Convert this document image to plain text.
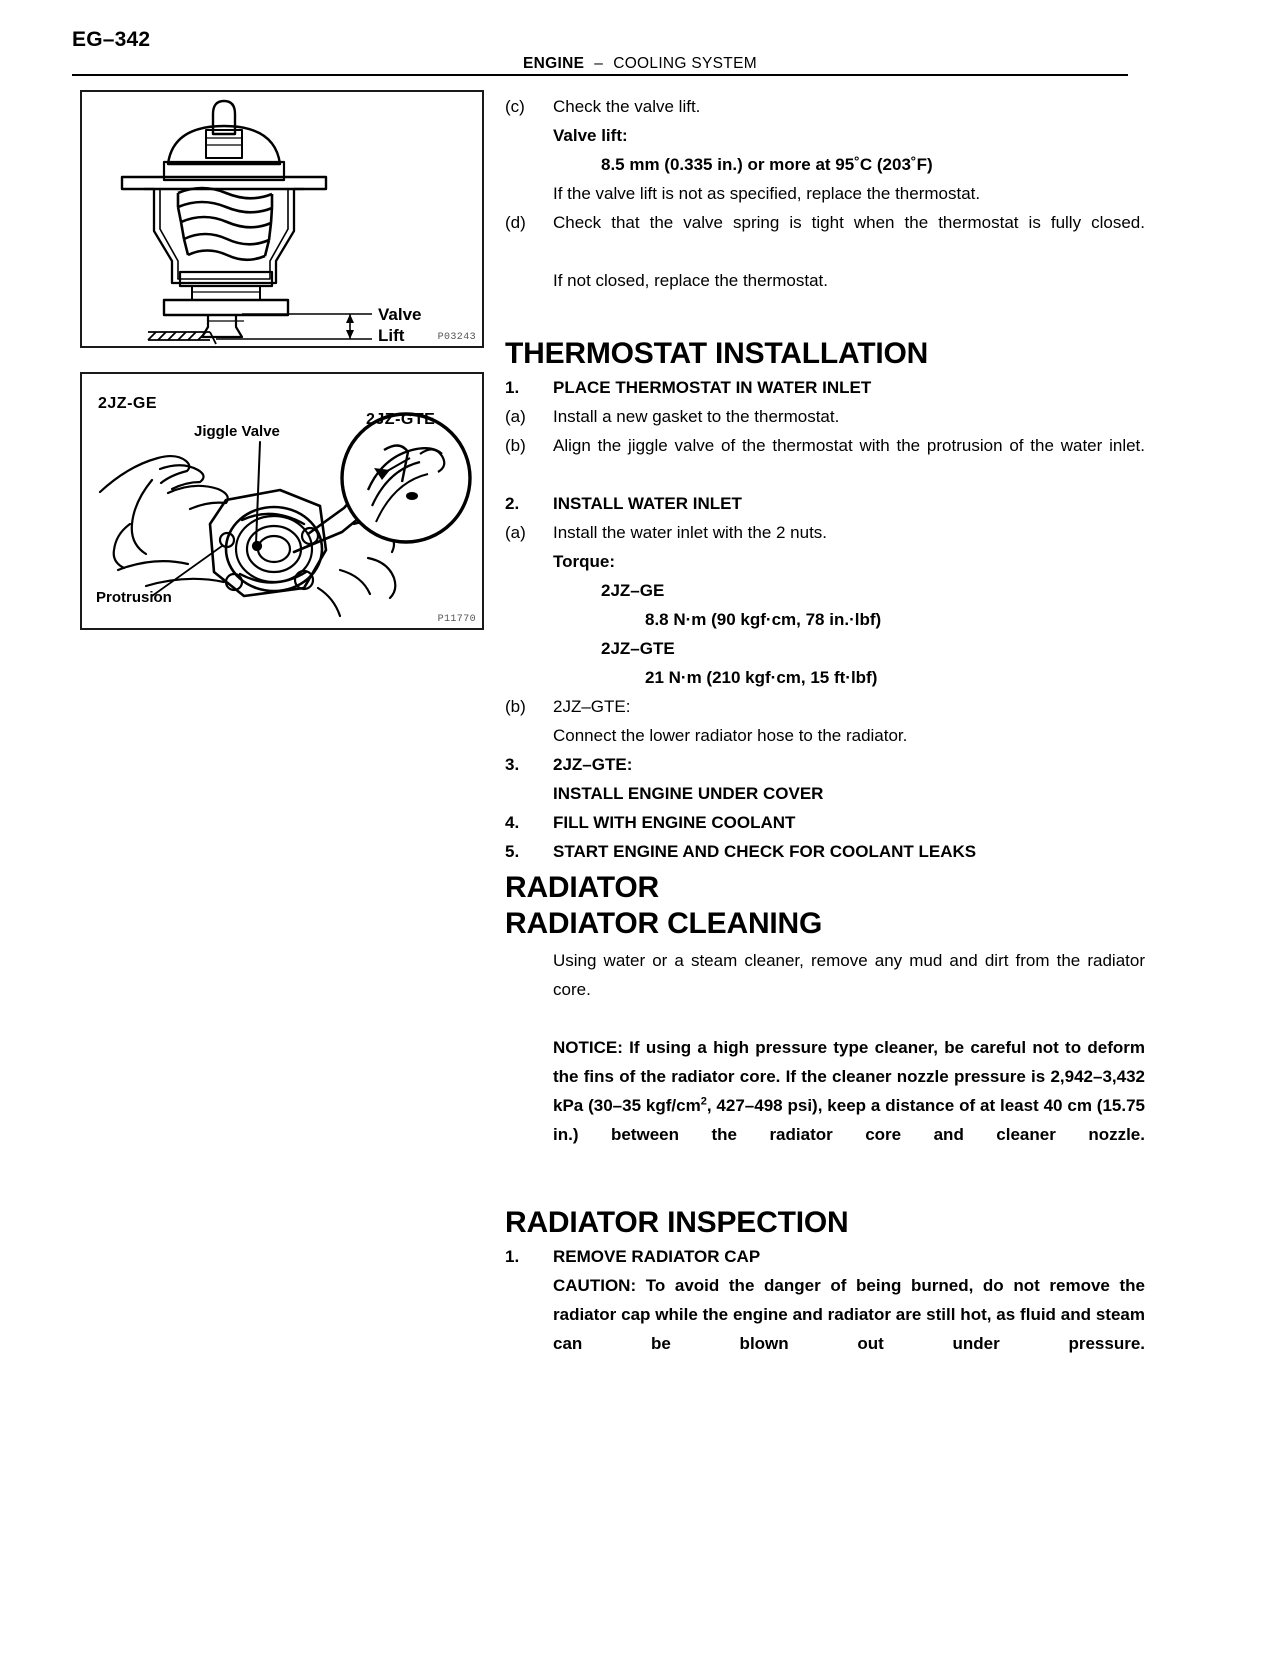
EG–342
ENGINE – COOLING SYSTEM
Valve
Lift	P03243
2JZ-GE
Jiggle Valve
2JZ-GTE
Protrusion
P11770
(c)	Check the valve lift.
Valve lift:
8.5 mm (0.335 in.) or more at 95˚C (203˚F)
If the valve lift is not as specified, replace the thermostat.
(d)	Check that the valve spring is tight when the thermostat is fully closed.
If not closed, replace the thermostat.
THERMOSTAT INSTALLATION
1.	PLACE THERMOSTAT IN WATER INLET
(a)	Install a new gasket to the thermostat.
(b)	Align the jiggle valve of the thermostat with the protrusion of the water inlet.
2.	INSTALL WATER INLET
(a)	Install the water inlet with the 2 nuts.
Torque:
2JZ–GE
8.8 N·m (90 kgf·cm, 78 in.·lbf)
2JZ–GTE
21 N·m (210 kgf·cm, 15 ft·lbf)
(b)	2JZ–GTE:
Connect the lower radiator hose to the radiator.
3.	2JZ–GTE:
INSTALL ENGINE UNDER COVER
4.	FILL WITH ENGINE COOLANT
5.	START ENGINE AND CHECK FOR COOLANT LEAKS
RADIATOR
RADIATOR CLEANING
Using water or a steam cleaner, remove any mud and dirt from the radiator core.
NOTICE: If using a high pressure type cleaner, be careful not to deform the fins of the radiator core. If the cleaner nozzle pressure is 2,942–3,432 kPa (30–35 kgf/$cm^2$, 427–498 psi), keep a distance of at least 40 cm (15.75 in.) between the radiator core and cleaner nozzle.
RADIATOR INSPECTION
1.	REMOVE RADIATOR CAP
CAUTION: To avoid the danger of being burned, do not remove the radiator cap while the engine and radiator are still hot, as fluid and steam can be blown out under pressure.
